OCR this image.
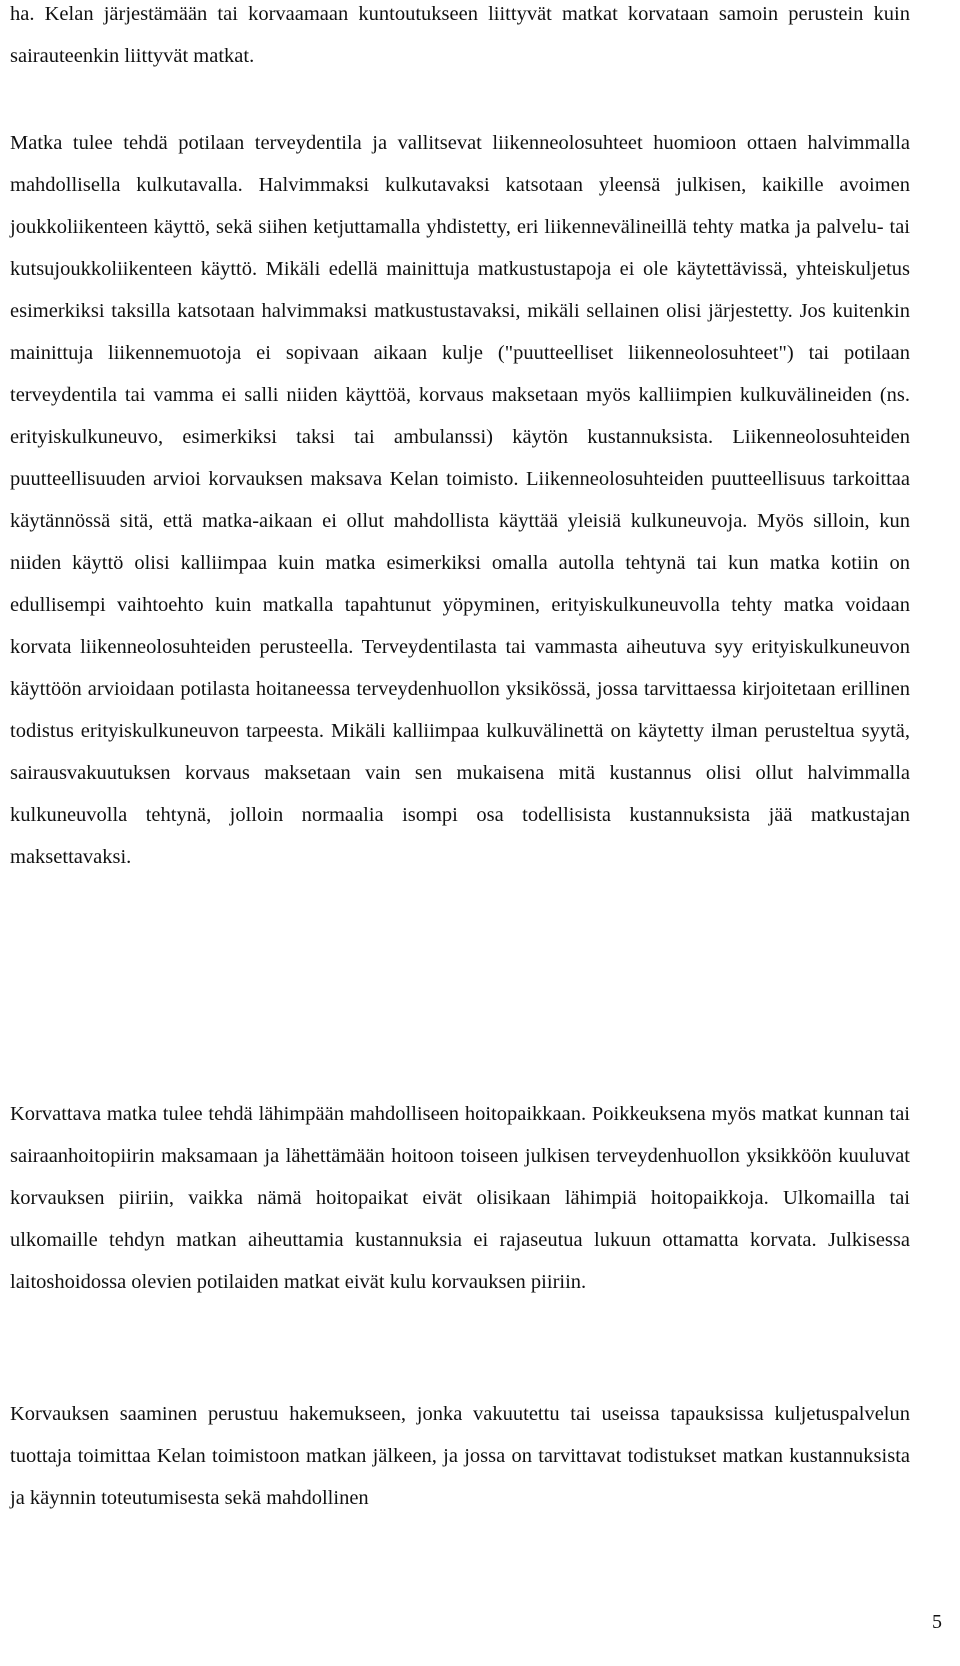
ha. Kelan järjestämään tai korvaamaan kuntoutukseen liittyvät matkat korvataan samoin perustein kuin sairauteenkin liittyvät matkat.

Matka tulee tehdä potilaan terveydentila ja vallitsevat liikenneolosuhteet huomioon ottaen halvimmalla mahdollisella kulkutavalla. Halvimmaksi kulkutavaksi katsotaan yleensä julkisen, kaikille avoimen joukkoliikenteen käyttö, sekä siihen ketjuttamalla yhdistetty, eri liikennevälineillä tehty matka ja palvelu- tai kutsujoukkoliikenteen käyttö. Mikäli edellä mainittuja matkustustapoja ei ole käytettävissä, yhteiskuljetus esimerkiksi taksilla katsotaan halvimmaksi matkustustavaksi, mikäli sellainen olisi järjestetty. Jos kuitenkin mainittuja liikennemuotoja ei sopivaan aikaan kulje ("puutteelliset liikenneolosuhteet") tai potilaan terveydentila tai vamma ei salli niiden käyttöä, korvaus maksetaan myös kalliimpien kulkuvälineiden (ns. erityiskulkuneuvo, esimerkiksi taksi tai ambulanssi) käytön kustannuksista. Liikenneolosuhteiden puutteellisuuden arvioi korvauksen maksava Kelan toimisto. Liikenneolosuhteiden puutteellisuus tarkoittaa käytännössä sitä, että matka-aikaan ei ollut mahdollista käyttää yleisiä kulkuneuvoja. Myös silloin, kun niiden käyttö olisi kalliimpaa kuin matka esimerkiksi omalla autolla tehtynä tai kun matka kotiin on edullisempi vaihtoehto kuin matkalla tapahtunut yöpyminen, erityiskulkuneuvolla tehty matka voidaan korvata liikenneolosuhteiden perusteella. Terveydentilasta tai vammasta aiheutuva syy erityiskulkuneuvon käyttöön arvioidaan potilasta hoitaneessa terveydenhuollon yksikössä, jossa tarvittaessa kirjoitetaan erillinen todistus erityiskulkuneuvon tarpeesta. Mikäli kalliimpaa kulkuvälinettä on käytetty ilman perusteltua syytä, sairausvakuutuksen korvaus maksetaan vain sen mukaisena mitä kustannus olisi ollut halvimmalla kulkuneuvolla tehtynä, jolloin normaalia isompi osa todellisista kustannuksista jää matkustajan maksettavaksi.

Korvattava matka tulee tehdä lähimpään mahdolliseen hoitopaikkaan. Poikkeuksena myös matkat kunnan tai sairaanhoitopiirin maksamaan ja lähettämään hoitoon toiseen julkisen terveydenhuollon yksikköön kuuluvat korvauksen piiriin, vaikka nämä hoitopaikat eivät olisikaan lähimpiä hoitopaikkoja. Ulkomailla tai ulkomaille tehdyn matkan aiheuttamia kustannuksia ei rajaseutua lukuun ottamatta korvata. Julkisessa laitoshoidossa olevien potilaiden matkat eivät kulu korvauksen piiriin.

Korvauksen saaminen perustuu hakemukseen, jonka vakuutettu tai useissa tapauksissa kuljetuspalvelun tuottaja toimittaa Kelan toimistoon matkan jälkeen, ja jossa on tarvittavat todistukset matkan kustannuksista ja käynnin toteutumisesta sekä mahdollinen

5
